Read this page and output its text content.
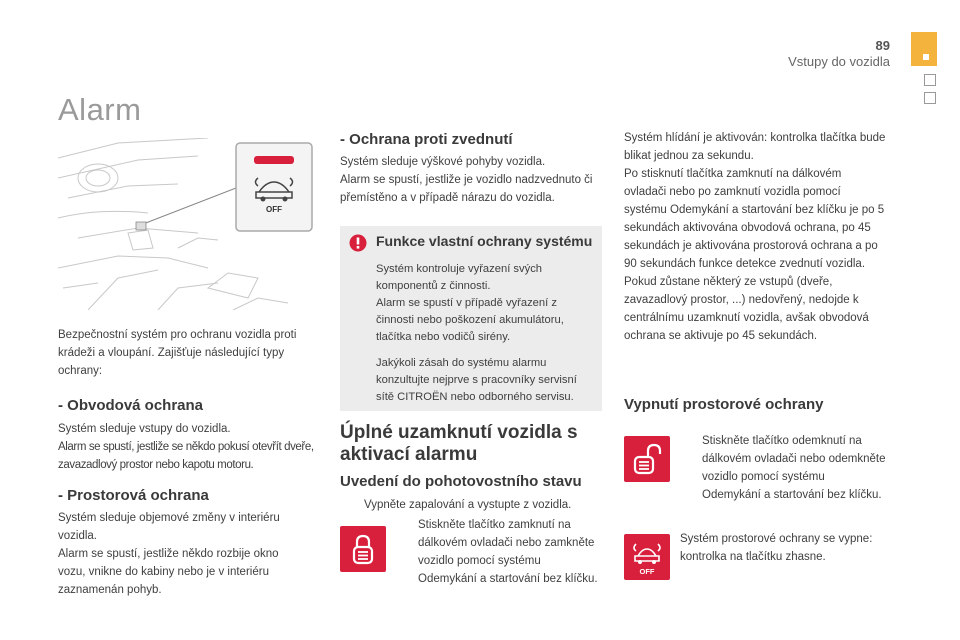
89
Vstupy do vozidla
Alarm
OFF
Bezpečnostní systém pro ochranu vozidla proti krádeži a vloupání. Zajišťuje následující typy ochrany:
- Obvodová ochrana

Systém sleduje vstupy do vozidla.

Alarm se spustí, jestliže se někdo pokusí otevřít dveře, zavazadlový prostor nebo kapotu motoru.

- Prostorová ochrana

Systém sleduje objemové změny v interiéru vozidla.

Alarm se spustí, jestliže někdo rozbije okno vozu, vnikne do kabiny nebo je v interiéru zaznamenán pohyb.

- Ochrana proti zvednutí

Systém sleduje výškové pohyby vozidla.

Alarm se spustí, jestliže je vozidlo nadzvednuto či přemístěno a v případě nárazu do vozidla.

Funkce vlastní ochrany systému

Systém kontroluje vyřazení svých komponentů z činnosti.

Alarm se spustí v případě vyřazení z činnosti nebo poškození akumulátoru, tlačítka nebo vodičů sirény.

Jakýkoli zásah do systému alarmu konzultujte nejprve s pracovníky servisní sítě CITROËN nebo odborného servisu.

Úplné uzamknutí vozidla s aktivací alarmu
Uvedení do pohotovostního stavu
Vypněte zapalování a vystupte z vozidla.
Stiskněte tlačítko zamknutí na dálkovém ovladači nebo zamkněte vozidlo pomocí systému Odemykání a startování bez klíčku.
Systém hlídání je aktivován: kontrolka tlačítka bude blikat jednou za sekundu.
Po stisknutí tlačítka zamknutí na dálkovém ovladači nebo po zamknutí vozidla pomocí systému Odemykání a startování bez klíčku je po 5 sekundách aktivována obvodová ochrana, po 45 sekundách je aktivována prostorová ochrana a po 90 sekundách funkce detekce zvednutí vozidla.
Pokud zůstane některý ze vstupů (dveře, zavazadlový prostor, ...) nedovřený, nedojde k centrálnímu uzamknutí vozidla, avšak obvodová ochrana se aktivuje po 45 sekundách.
Vypnutí prostorové ochrany
Stiskněte tlačítko odemknutí na dálkovém ovladači nebo odemkněte vozidlo pomocí systému Odemykání a startování bez klíčku.
OFF
Systém prostorové ochrany se vypne: kontrolka na tlačítku zhasne.
